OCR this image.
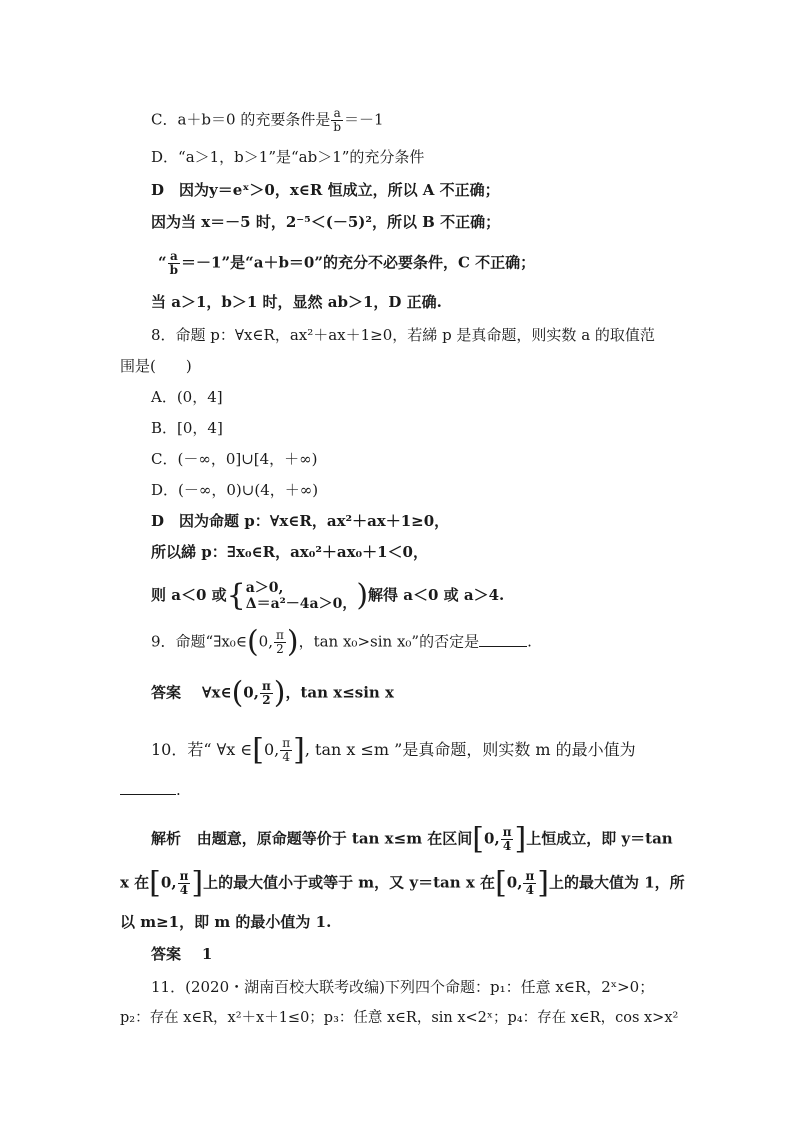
C．a＋b＝0 的充要条件是 $\frac{a}{b} =-1$
D．“a＞1，b＞1”是“ab＞1”的充分条件
D　因为y＝eˣ＞0，x∈R 恒成立，所以 A 不正确；
因为当 x＝－5 时，2⁻⁵＜(－5)²，所以 B 不正确；
“ $\frac{a}{b} =-1$”是“a＋b＝0”的充分不必要条件，C 不正确；
当 a＞1，b＞1 时，显然 ab＞1，D 正确.
8．命题 p：∀x∈R，ax²＋ax＋1≥0，若綈 p 是真命题，则实数 a 的取值范
围是(　　)
A．(0，4]
B．[0，4]
C．(－∞，0]∪[4，＋∞)
D．(－∞，0)∪(4，＋∞)
D　因为命题 p：∀x∈R，ax²＋ax＋1≥0，
所以綈 p：∃x₀∈R，ax₀²＋ax₀＋1＜0，
则 a＜0 或{ a＞0,
Δ＝a²－4a＞0， )解得 a＜0 或 a＞4.
9．命题“∃x₀∈(0, $\frac{\pi}{2}$ )，tan x₀>sin x₀”的否定是	.
答案 ∀x∈(0, $\frac{\pi}{2}$ )，tan x≤sin x
10．若“ ∀x ∈[0, $\frac{\pi}{4}$ ], tan x ≤m ”是真命题，则实数 m 的最小值为
.
解析 由题意，原命题等价于 tan x≤m 在区间[0, $\frac{\pi}{4}$ ]上恒成立，即 y＝tan
x 在[0, $\frac{\pi}{4}$ ]上的最大值小于或等于 m，又 y＝tan x 在[0, $\frac{\pi}{4}$ ]上的最大值为 1，所
以 m≥1，即 m 的最小值为 1.
答案 1
11．(2020・湖南百校大联考改编)下列四个命题：p₁：任意 x∈R，2ˣ>0；
p₂：存在 x∈R，x²＋x＋1≤0；p₃：任意 x∈R，sin x<2ˣ；p₄：存在 x∈R，cos x>x²
